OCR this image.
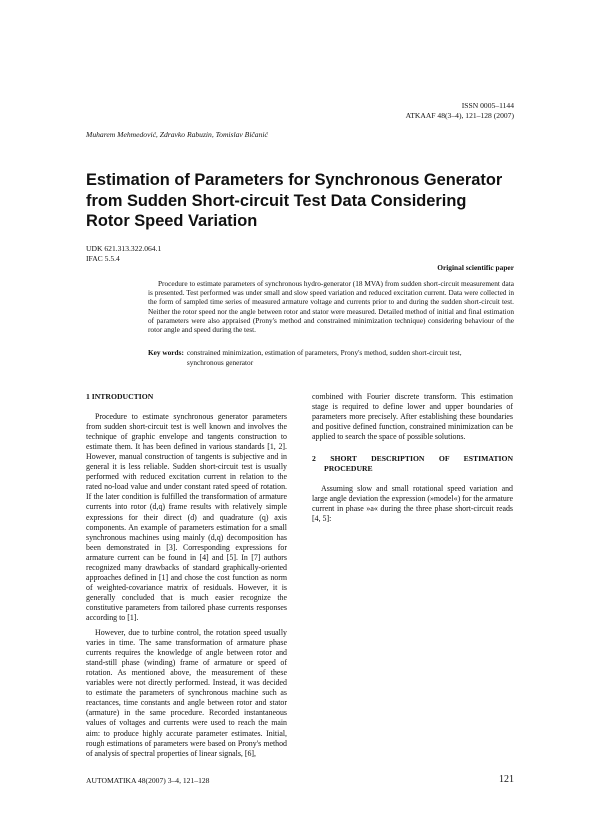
ISSN 0005–1144
ATKAAF 48(3–4), 121–128 (2007)
Muharem Mehmedović, Zdravko Rabuzin, Tomislav Bičanić
Estimation of Parameters for Synchronous Generator from Sudden Short-circuit Test Data Considering Rotor Speed Variation
UDK 621.313.322.064.1
IFAC 5.5.4
Original scientific paper
Procedure to estimate parameters of synchronous hydro-generator (18 MVA) from sudden short-circuit measurement data is presented. Test performed was under small and slow speed variation and reduced excitation current. Data were collected in the form of sampled time series of measured armature voltage and currents prior to and during the sudden short-circuit test. Neither the rotor speed nor the angle between rotor and stator were measured. Detailed method of initial and final estimation of parameters were also appraised (Prony's method and constrained minimization technique) considering behaviour of the rotor angle and speed during the test.
Key words: constrained minimization, estimation of parameters, Prony's method, sudden short-circuit test, synchronous generator
1 INTRODUCTION

Procedure to estimate synchronous generator parameters from sudden short-circuit test is well known and involves the technique of graphic envelope and tangents construction to estimate them. It has been defined in various standards [1, 2]. However, manual construction of tangents is subjective and in general it is less reliable. Sudden short-circuit test is usually performed with reduced excitation current in relation to the rated no-load value and under constant rated speed of rotation. If the later condition is fulfilled the transformation of armature currents into rotor (d,q) frame results with relatively simple expressions for their direct (d) and quadrature (q) axis components. An example of parameters estimation for a small synchronous machines using mainly (d,q) decomposition has been demonstrated in [3]. Corresponding expressions for armature current can be found in [4] and [5]. In [7] authors recognized many drawbacks of standard graphically-oriented approaches defined in [1] and chose the cost function as norm of weighted-covariance matrix of residuals. However, it is generally concluded that is much easier recognize the constitutive parameters from tailored phase currents responses according to [1].

However, due to turbine control, the rotation speed usually varies in time. The same transformation of armature phase currents requires the knowledge of angle between rotor and stand-still phase (winding) frame of armature or speed of rotation. As mentioned above, the measurement of these variables were not directly performed. Instead, it was decided to estimate the parameters of synchronous machine such as reactances, time constants and angle between rotor and stator (armature) in the same procedure. Recorded instantaneous values of voltages and currents were used to reach the main aim: to produce highly accurate parameter estimates. Initial, rough estimations of parameters were based on Prony's method of analysis of spectral properties of linear signals, [6],

combined with Fourier discrete transform. This estimation stage is required to define lower and upper boundaries of parameters more precisely. After establishing these boundaries and positive defined function, constrained minimization can be applied to search the space of possible solutions.

2 SHORT DESCRIPTION OF ESTIMATION PROCEDURE

Assuming slow and small rotational speed variation and large angle deviation the expression (»model«) for the armature current in phase »a« during the three phase short-circuit reads [4, 5]:

AUTOMATIKA 48(2007) 3–4, 121–128	121
